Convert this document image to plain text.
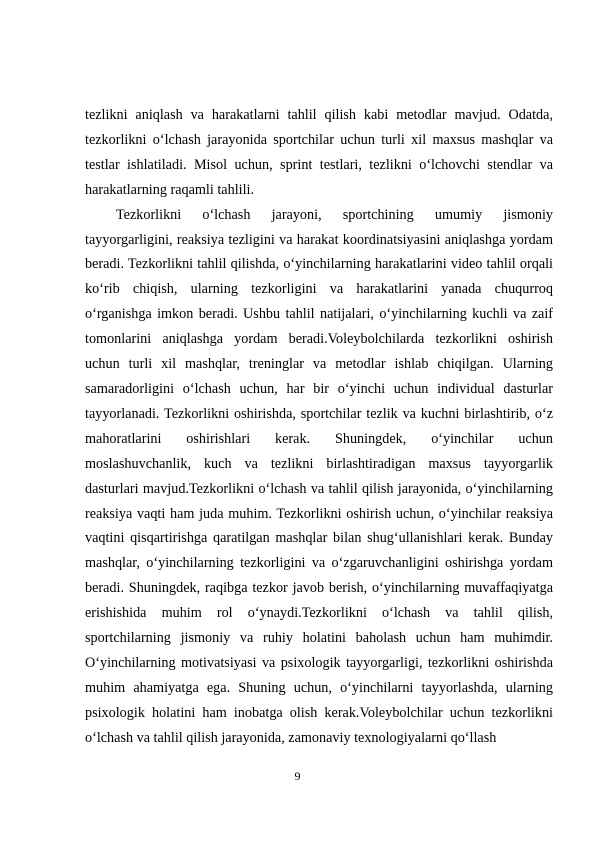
tezlikni aniqlash va harakatlarni tahlil qilish kabi metodlar mavjud. Odatda, tezkorlikni o‘lchash jarayonida sportchilar uchun turli xil maxsus mashqlar va testlar ishlatiladi. Misol uchun, sprint testlari, tezlikni o‘lchovchi stendlar va harakatlarning raqamli tahlili.

Tezkorlikni o‘lchash jarayoni, sportchining umumiy jismoniy tayyorgarligini, reaksiya tezligini va harakat koordinatsiyasini aniqlashga yordam beradi. Tezkorlikni tahlil qilishda, o‘yinchilarning harakatlarini video tahlil orqali ko‘rib chiqish, ularning tezkorligini va harakatlarini yanada chuqurroq o‘rganishga imkon beradi. Ushbu tahlil natijalari, o‘yinchilarning kuchli va zaif tomonlarini aniqlashga yordam beradi.Voleybolchilarda tezkorlikni oshirish uchun turli xil mashqlar, treninglar va metodlar ishlab chiqilgan. Ularning samaradorligini o‘lchash uchun, har bir o‘yinchi uchun individual dasturlar tayyorlanadi. Tezkorlikni oshirishda, sportchilar tezlik va kuchni birlashtirib, o‘z mahoratlarini oshirishlari kerak. Shuningdek, o‘yinchilar uchun moslashuvchanlik, kuch va tezlikni birlashtiradigan maxsus tayyorgarlik dasturlari mavjud.Tezkorlikni o‘lchash va tahlil qilish jarayonida, o‘yinchilarning reaksiya vaqti ham juda muhim. Tezkorlikni oshirish uchun, o‘yinchilar reaksiya vaqtini qisqartirishga qaratilgan mashqlar bilan shug‘ullanishlari kerak. Bunday mashqlar, o‘yinchilarning tezkorligini va o‘zgaruvchanligini oshirishga yordam beradi. Shuningdek, raqibga tezkor javob berish, o‘yinchilarning muvaffaqiyatga erishishida muhim rol o‘ynaydi.Tezkorlikni o‘lchash va tahlil qilish, sportchilarning jismoniy va ruhiy holatini baholash uchun ham muhimdir. O‘yinchilarning motivatsiyasi va psixologik tayyorgarligi, tezkorlikni oshirishda muhim ahamiyatga ega. Shuning uchun, o‘yinchilarni tayyorlashda, ularning psixologik holatini ham inobatga olish kerak.Voleybolchilar uchun tezkorlikni o‘lchash va tahlil qilish jarayonida, zamonaviy texnologiyalarni qo‘llash

9
